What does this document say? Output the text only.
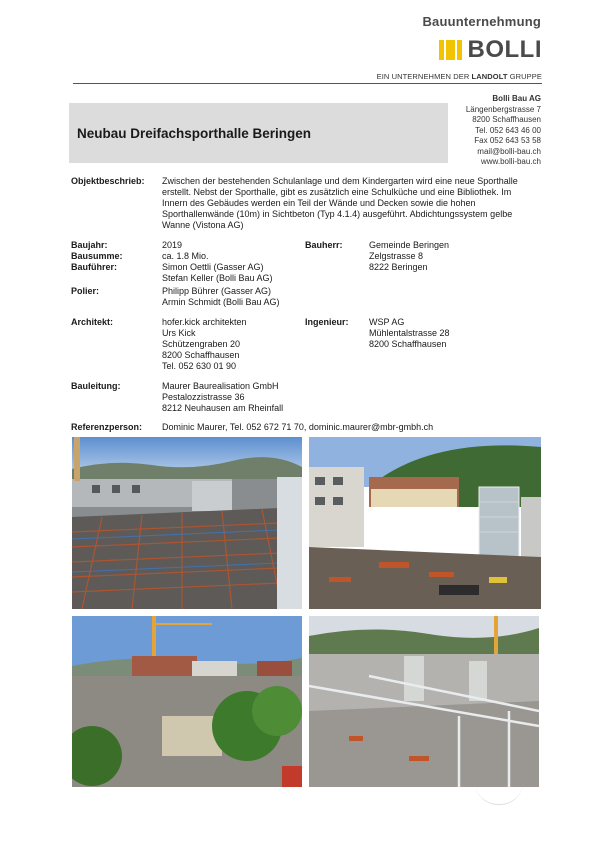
Bauunternehmung
BOLLI
EIN UNTERNEHMEN DER LANDOLT GRUPPE
Neubau Dreifachsporthalle Beringen
Bolli Bau AG
Längenbergstrasse 7
8200 Schaffhausen
Tel. 052 643 46 00
Fax 052 643 53 58
mail@bolli-bau.ch
www.bolli-bau.ch
Objektbeschrieb: Zwischen der bestehenden Schulanlage und dem Kindergarten wird eine neue Sporthalle erstellt. Nebst der Sporthalle, gibt es zusätzlich eine Schulküche und eine Bibliothek. Im Innern des Gebäudes werden ein Teil der Wände und Decken sowie die hohen Sporthallenwände (10m) in Sichtbeton (Typ 4.1.4) ausgeführt. Abdichtungssystem gelbe Wanne (Vistona AG)
Baujahr:	2019
Bausumme:	ca. 1.8 Mio.
Bauführer:	Simon Oettli (Gasser AG)
Stefan Keller (Bolli Bau AG)
Polier:	Philipp Bührer (Gasser AG)
Armin Schmidt (Bolli Bau AG)
Bauherr:	Gemeinde Beringen
Zelgstrasse 8
8222 Beringen
Architekt:	hofer.kick architekten
Urs Kick
Schützengraben 20
8200 Schaffhausen
Tel. 052 630 01 90
Ingenieur: WSP AG
Mühlentalstrasse 28
8200 Schaffhausen
Bauleitung:	Maurer Baurealisation GmbH
Pestalozzistrasse 36
8212 Neuhausen am Rheinfall
Referenzperson: Dominic Maurer, Tel. 052 672 71 70, dominic.maurer@mbr-gmbh.ch
